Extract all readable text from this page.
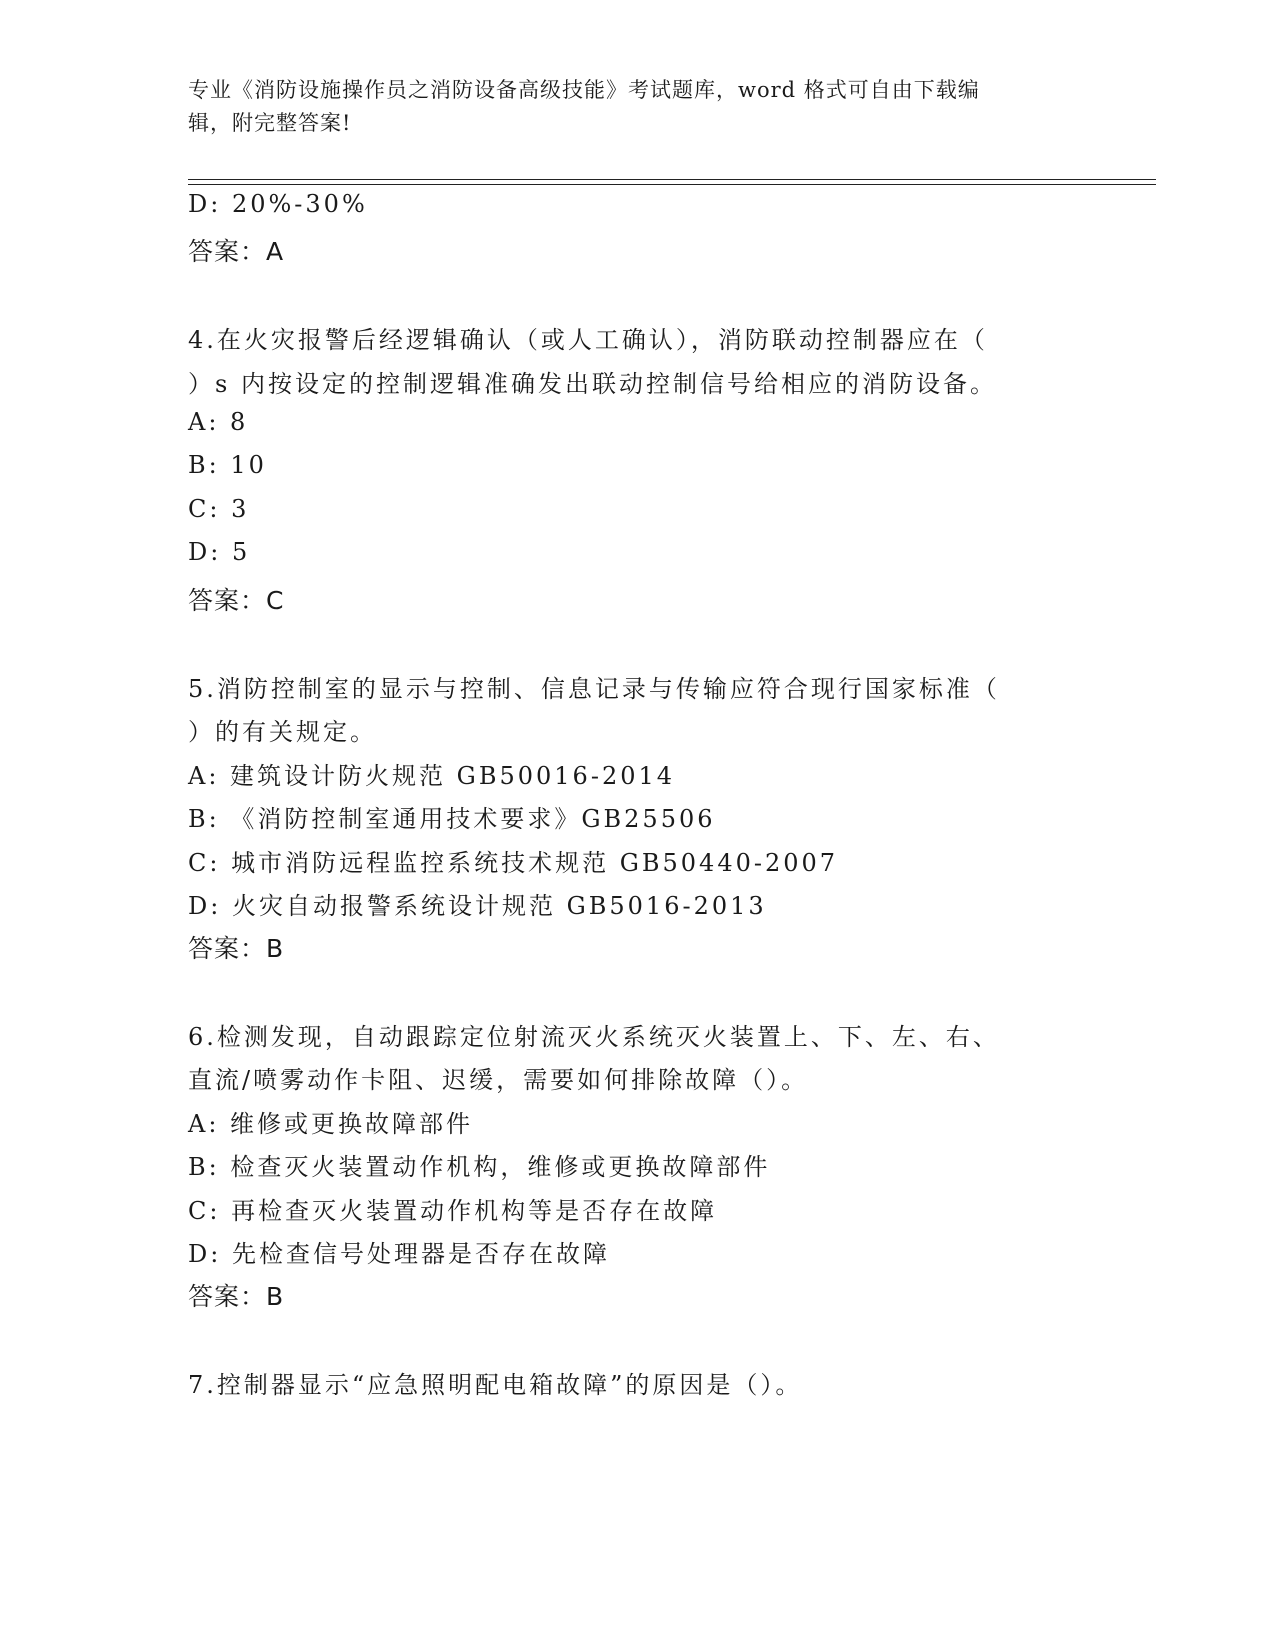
专业《消防设施操作员之消防设备高级技能》考试题库，word 格式可自由下载编
辑，附完整答案!
D: 20%-30%
答案：A
4.在火灾报警后经逻辑确认（或人工确认），消防联动控制器应在（
）s 内按设定的控制逻辑准确发出联动控制信号给相应的消防设备。
A: 8
B: 10
C: 3
D: 5
答案：C
5.消防控制室的显示与控制、信息记录与传输应符合现行国家标准（
）的有关规定。
A: 建筑设计防火规范 GB50016-2014
B: 《消防控制室通用技术要求》GB25506
C: 城市消防远程监控系统技术规范 GB50440-2007
D: 火灾自动报警系统设计规范 GB5016-2013
答案：B
6.检测发现，自动跟踪定位射流灭火系统灭火装置上、下、左、右、
直流/喷雾动作卡阻、迟缓，需要如何排除故障（）。
A: 维修或更换故障部件
B: 检查灭火装置动作机构，维修或更换故障部件
C: 再检查灭火装置动作机构等是否存在故障
D: 先检查信号处理器是否存在故障
答案：B
7.控制器显示“应急照明配电箱故障”的原因是（）。
